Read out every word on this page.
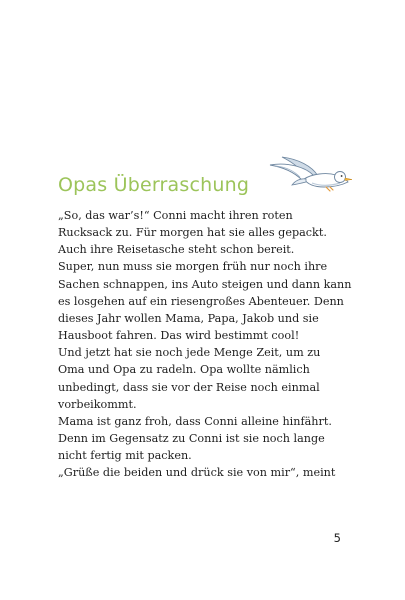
Opas Überraschung
„So, das war’s!“ Conni macht ihren roten
Rucksack zu. Für morgen hat sie alles gepackt.
Auch ihre Reisetasche steht schon bereit.
Super, nun muss sie morgen früh nur noch ihre
Sachen schnappen, ins Auto steigen und dann kann
es losgehen auf ein riesengroßes Abenteuer. Denn
dieses Jahr wollen Mama, Papa, Jakob und sie
Hausboot fahren. Das wird bestimmt cool!
Und jetzt hat sie noch jede Menge Zeit, um zu
Oma und Opa zu radeln. Opa wollte nämlich
unbedingt, dass sie vor der Reise noch einmal
vorbeikommt.
Mama ist ganz froh, dass Conni alleine hinfährt.
Denn im Gegensatz zu Conni ist sie noch lange
nicht fertig mit packen.
„Grüße die beiden und drück sie von mir“, meint
5
